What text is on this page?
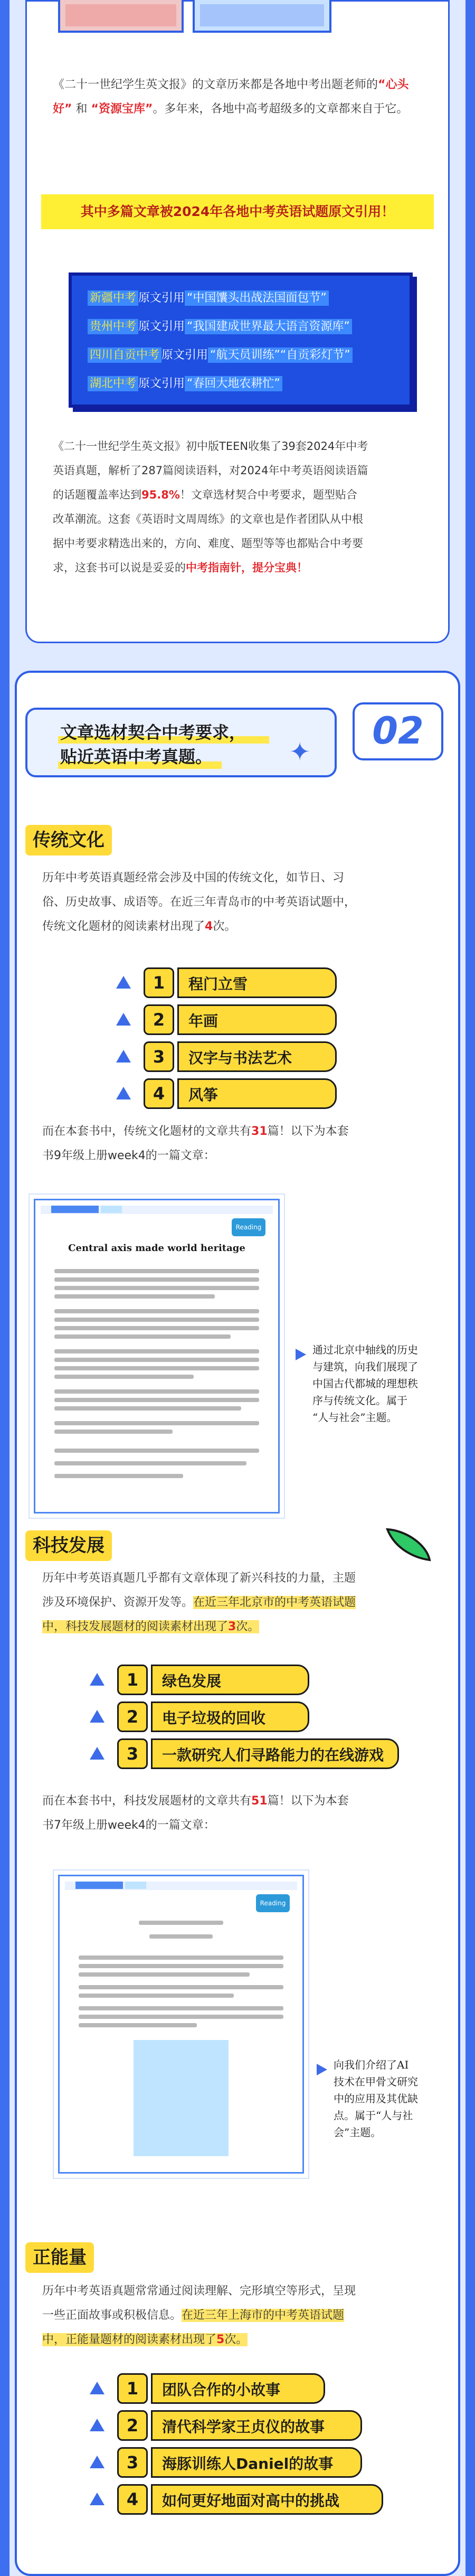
《二十一世纪学生英文报》的文章历来都是各地中考出题老师的“心头好” 和 “资源宝库”。多年来，各地中高考超级多的文章都来自于它。
其中多篇文章被2024年各地中考英语试题原文引用！
新疆中考 原文引用 “中国馕头出战法国面包节”
贵州中考 原文引用 “我国建成世界最大语言资源库”
四川自贡中考 原文引用 “航天员训练”“自贡彩灯节”
湖北中考 原文引用 “春回大地农耕忙”
《二十一世纪学生英文报》初中版TEEN收集了39套2024年中考
英语真题，解析了287篇阅读语料，对2024年中考英语阅读语篇
的话题覆盖率达到95.8%！文章选材契合中考要求，题型贴合
改革潮流。这套《英语时文周周练》的文章也是作者团队从中根
据中考要求精选出来的，方向、难度、题型等等也都贴合中考要
求，这套书可以说是妥妥的中考指南针，提分宝典！
文章选材契合中考要求，
贴近英语中考真题。	✦	02
传统文化
历年中考英语真题经常会涉及中国的传统文化，如节日、习
俗、历史故事、成语等。在近三年青岛市的中考英语试题中，
传统文化题材的阅读素材出现了4次。
1	程门立雪
2	年画
3	汉字与书法艺术
4	风筝
而在本套书中，传统文化题材的文章共有31篇！以下为本套
书9年级上册week4的一篇文章：
Reading
Central axis made world heritage
通过北京中轴线的历史
与建筑，向我们展现了
中国古代都城的理想秩
序与传统文化。属于
“人与社会”主题。
科技发展
历年中考英语真题几乎都有文章体现了新兴科技的力量，主题
涉及环境保护、资源开发等。在近三年北京市的中考英语试题
中，科技发展题材的阅读素材出现了3次。
1	绿色发展
2	电子垃圾的回收
3	一款研究人们寻路能力的在线游戏
而在本套书中，科技发展题材的文章共有51篇！以下为本套
书7年级上册week4的一篇文章：
Reading
向我们介绍了AI
技术在甲骨文研究
中的应用及其优缺
点。属于“人与社
会”主题。
正能量
历年中考英语真题常常通过阅读理解、完形填空等形式，呈现
一些正面故事或积极信息。在近三年上海市的中考英语试题
中，正能量题材的阅读素材出现了5次。
1	团队合作的小故事
2	清代科学家王贞仪的故事
3	海豚训练人Daniel的故事
4	如何更好地面对高中的挑战
